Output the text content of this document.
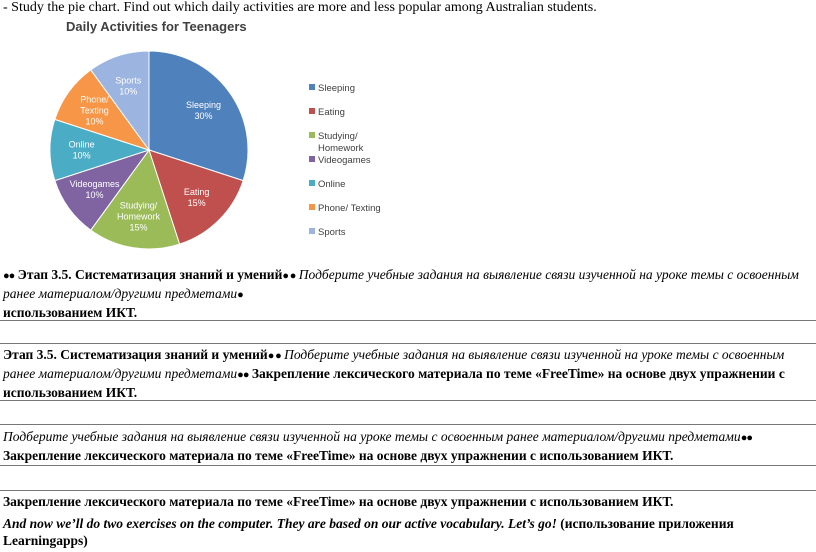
- Study the pie chart. Find out which daily activities are more and less popular among Australian students.
Daily Activities for Teenagers
Sleeping 30%
Eating 15%
Studying/ Homework 15%
Videogames 10%
Online 10%
Phone/ Texting 10%
Sports 10%	Sleeping
Eating
Studying/ Homework
Videogames
Online
Phone/ Texting
Sports
●● Этап 3.5. Систематизация знаний и умений● ● Подберите учебные задания на выявление связи изученной на уроке темы с освоенным ранее материалом/другими предметами●
использованием ИКТ.
Этап 3.5. Систематизация знаний и умений● ● Подберите учебные задания на выявление связи изученной на уроке темы с освоенным ранее материалом/другими предметами●● Закрепление лексического материала по теме «FreeTime» на основе двух упражнении с использованием ИКТ.
Подберите учебные задания на выявление связи изученной на уроке темы с освоенным ранее материалом/другими предметами●● Закрепление лексического материала по теме «FreeTime» на основе двух упражнении с использованием ИКТ.
Закрепление лексического материала по теме «FreeTime» на основе двух упражнении с использованием ИКТ.
And now we’ll do two exercises on the computer. They are based on our active vocabulary. Let’s go! (использование приложения Learningapps)
